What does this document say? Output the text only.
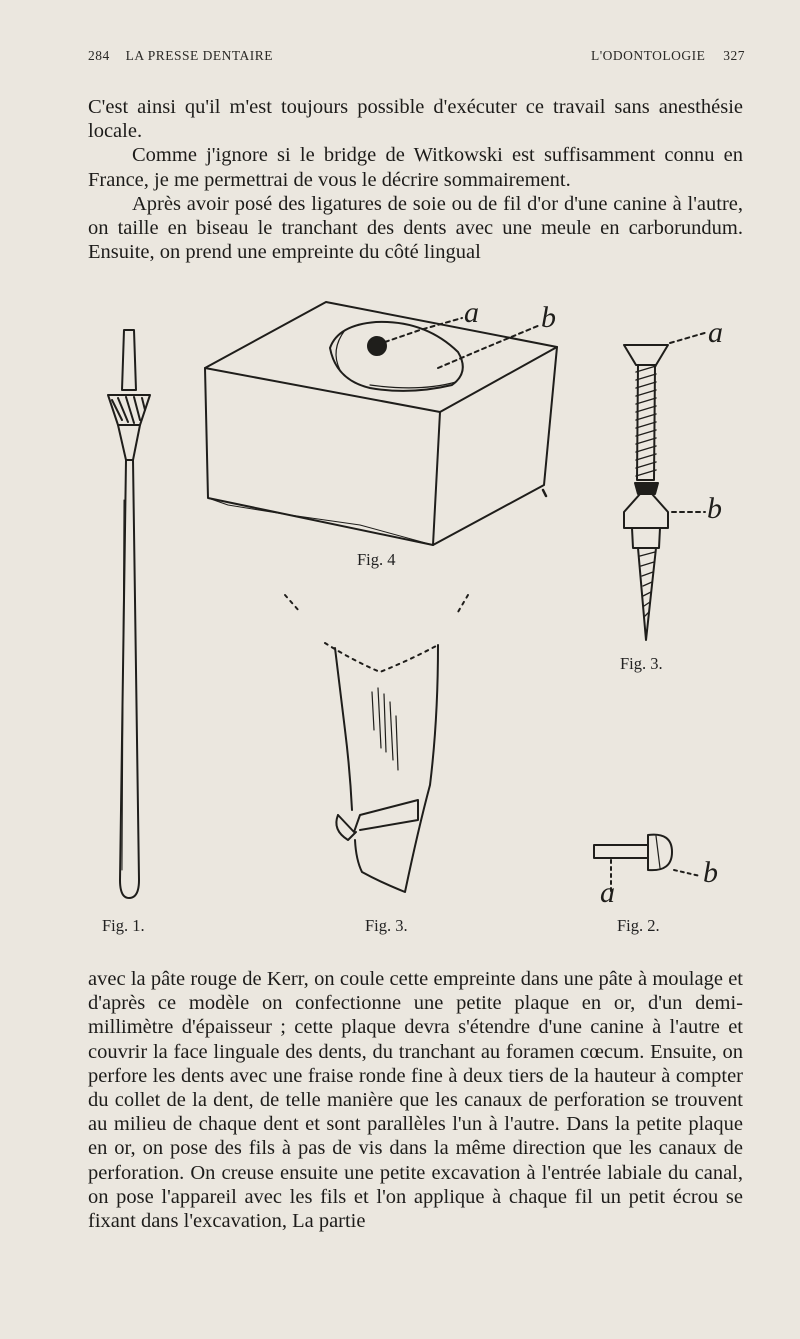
284 LA PRESSE DENTAIRE	L'ODONTOLOGIE 327
C'est ainsi qu'il m'est toujours possible d'exécuter ce travail sans anesthésie locale.
Comme j'ignore si le bridge de Witkowski est suffisamment connu en France, je me permettrai de vous le décrire sommairement.
Après avoir posé des ligatures de soie ou de fil d'or d'une canine à l'autre, on taille en biseau le tranchant des dents avec une meule en carborundum. Ensuite, on prend une empreinte du côté lingual
a b	a
b
a
b
Fig. 4
Fig. 3.
Fig. 1.	Fig. 3.	Fig. 2.

avec la pâte rouge de Kerr, on coule cette empreinte dans une pâte à moulage et d'après ce modèle on confectionne une petite plaque en or, d'un demi-millimètre d'épaisseur ; cette plaque devra s'étendre d'une canine à l'autre et couvrir la face linguale des dents, du tranchant au foramen cœcum. Ensuite, on perfore les dents avec une fraise ronde fine à deux tiers de la hauteur à compter du collet de la dent, de telle manière que les canaux de perforation se trouvent au milieu de chaque dent et sont parallèles l'un à l'autre. Dans la petite plaque en or, on pose des fils à pas de vis dans la même direction que les canaux de perforation. On creuse ensuite une petite excavation à l'entrée labiale du canal, on pose l'appareil avec les fils et l'on applique à chaque fil un petit écrou se fixant dans l'excavation, La partie
